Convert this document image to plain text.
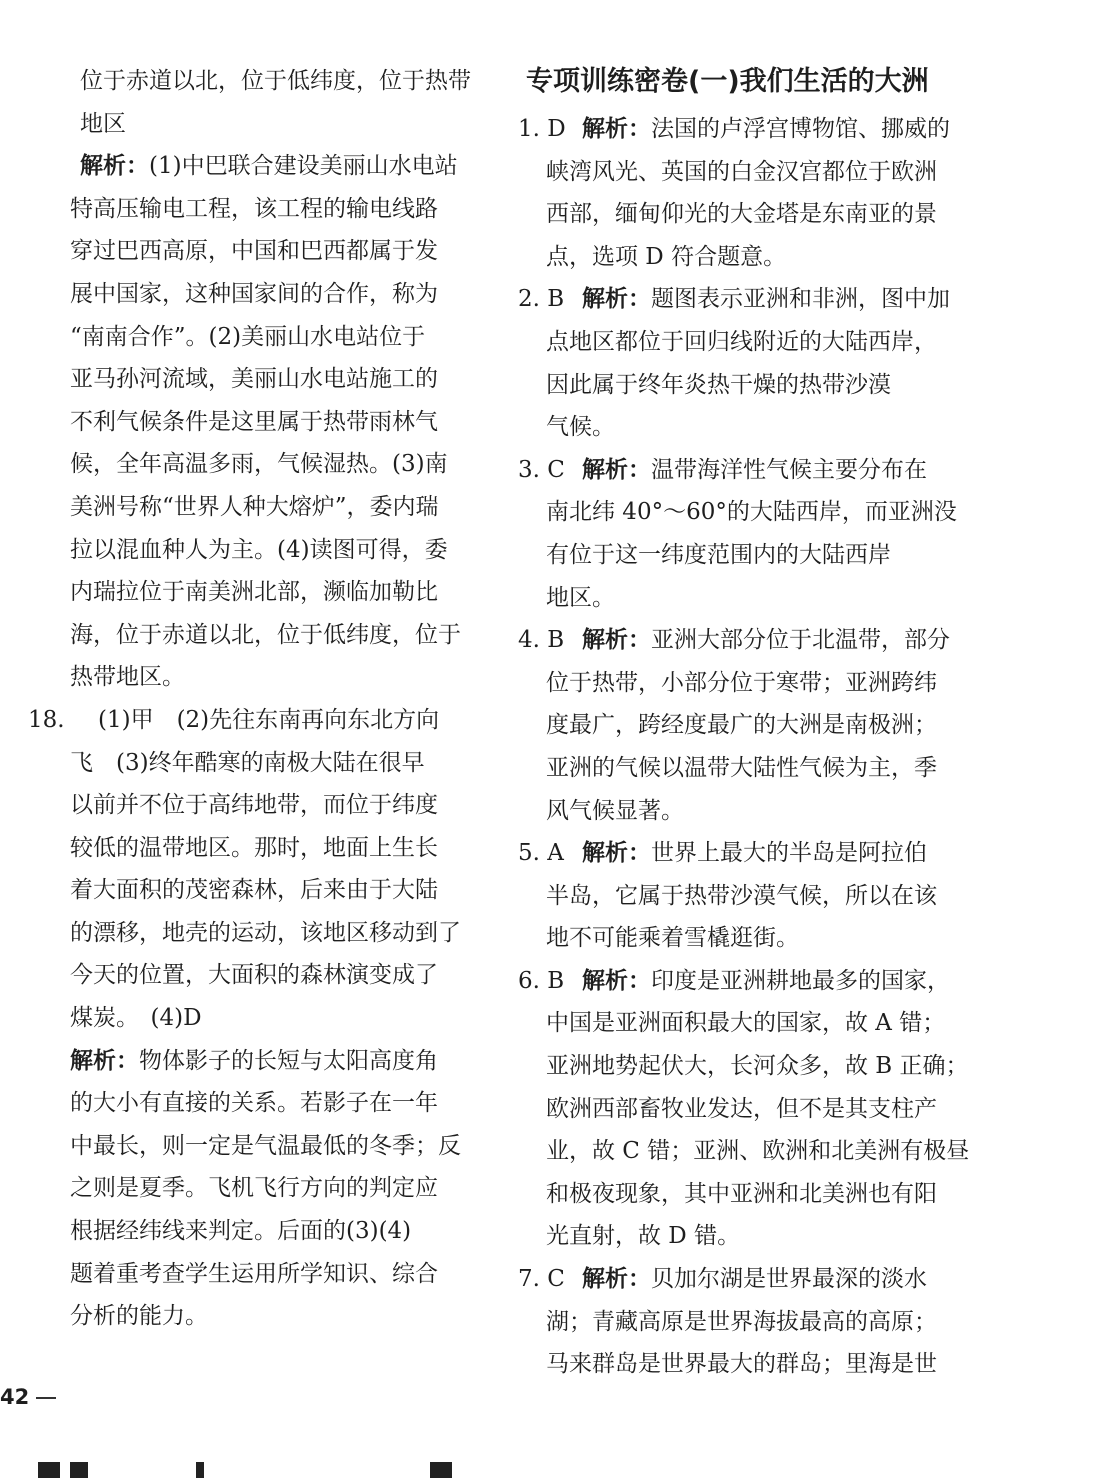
位于赤道以北，位于低纬度，位于热带
地区
解析：(1)中巴联合建设美丽山水电站
特高压输电工程，该工程的输电线路
穿过巴西高原，中国和巴西都属于发
展中国家，这种国家间的合作，称为
“南南合作”。(2)美丽山水电站位于
亚马孙河流域，美丽山水电站施工的
不利气候条件是这里属于热带雨林气
候，全年高温多雨，气候湿热。(3)南
美洲号称“世界人种大熔炉”，委内瑞
拉以混血种人为主。(4)读图可得，委
内瑞拉位于南美洲北部，濒临加勒比
海，位于赤道以北，位于低纬度，位于
热带地区。
18. (1)甲　(2)先往东南再向东北方向
飞　(3)终年酷寒的南极大陆在很早
以前并不位于高纬地带，而位于纬度
较低的温带地区。那时，地面上生长
着大面积的茂密森林，后来由于大陆
的漂移，地壳的运动，该地区移动到了
今天的位置，大面积的森林演变成了
煤炭。　(4)D
解析：物体影子的长短与太阳高度角
的大小有直接的关系。若影子在一年
中最长，则一定是气温最低的冬季；反
之则是夏季。飞机飞行方向的判定应
根据经纬线来判定。后面的(3)(4)
题着重考查学生运用所学知识、综合
分析的能力。
专项训练密卷(一)我们生活的大洲
1. D 解析：法国的卢浮宫博物馆、挪威的
峡湾风光、英国的白金汉宫都位于欧洲
西部，缅甸仰光的大金塔是东南亚的景
点，选项 D 符合题意。
2. B 解析：题图表示亚洲和非洲，图中加
点地区都位于回归线附近的大陆西岸，
因此属于终年炎热干燥的热带沙漠
气候。
3. C 解析：温带海洋性气候主要分布在
南北纬 40°～60°的大陆西岸，而亚洲没
有位于这一纬度范围内的大陆西岸
地区。
4. B 解析：亚洲大部分位于北温带，部分
位于热带，小部分位于寒带；亚洲跨纬
度最广，跨经度最广的大洲是南极洲；
亚洲的气候以温带大陆性气候为主，季
风气候显著。
5. A 解析：世界上最大的半岛是阿拉伯
半岛，它属于热带沙漠气候，所以在该
地不可能乘着雪橇逛街。
6. B 解析：印度是亚洲耕地最多的国家，
中国是亚洲面积最大的国家，故 A 错；
亚洲地势起伏大，长河众多，故 B 正确；
欧洲西部畜牧业发达，但不是其支柱产
业，故 C 错；亚洲、欧洲和北美洲有极昼
和极夜现象，其中亚洲和北美洲也有阳
光直射，故 D 错。
7. C 解析：贝加尔湖是世界最深的淡水
湖；青藏高原是世界海拔最高的高原；
马来群岛是世界最大的群岛；里海是世
42
